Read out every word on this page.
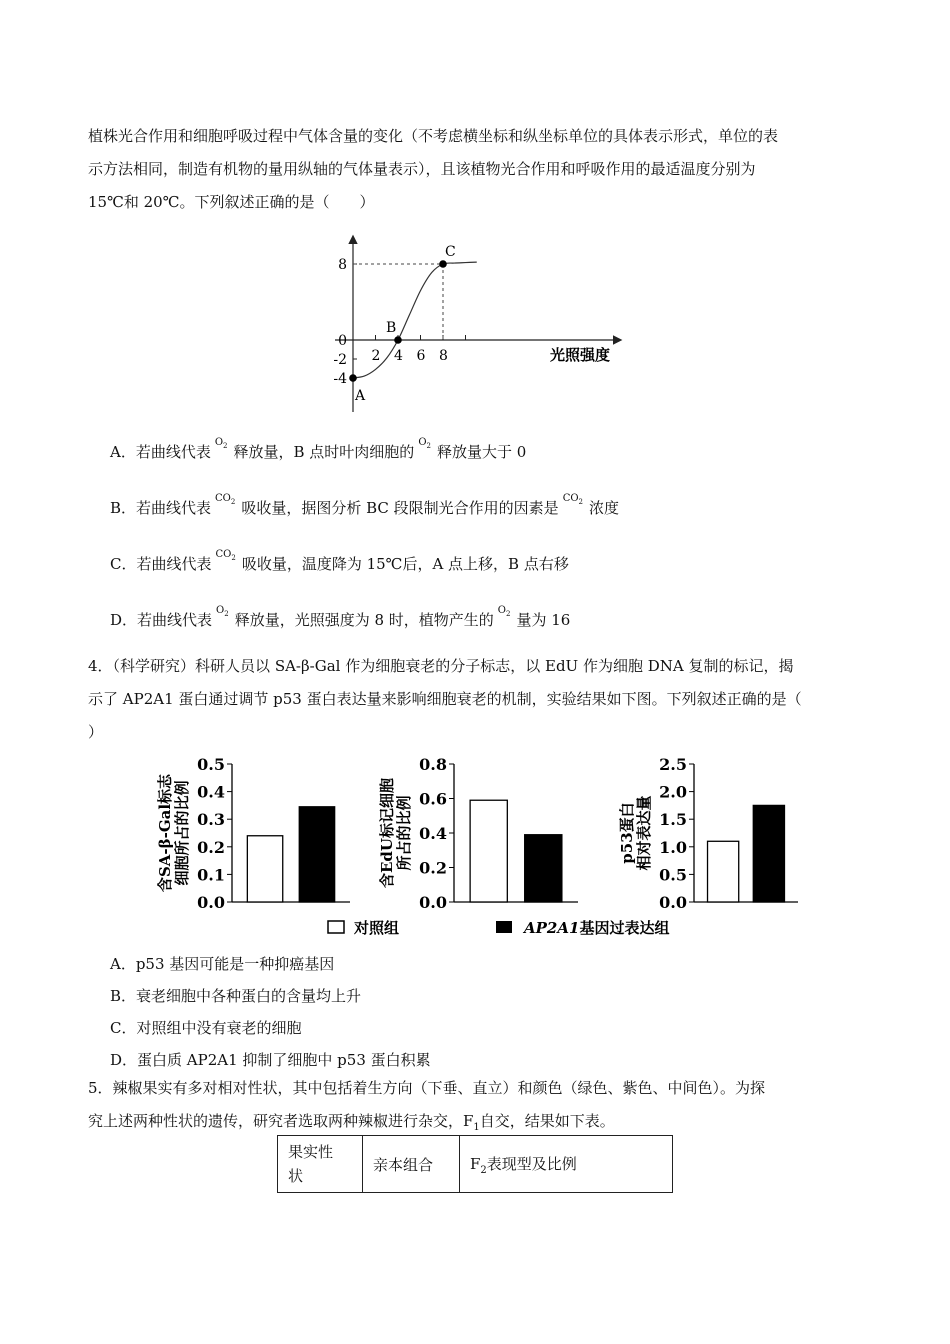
植株光合作用和细胞呼吸过程中气体含量的变化（不考虑横坐标和纵坐标单位的具体表示形式，单位的表
示方法相同，制造有机物的量用纵轴的气体量表示），且该植物光合作用和呼吸作用的最适温度分别为
15℃和 20℃。下列叙述正确的是（　　）
2 4 6 8
8
0
-2
-4
光照强度
A
B
C
A．若曲线代表$O_2$ 释放量，B 点时叶肉细胞的$O_2$ 释放量大于 0
B．若曲线代表$CO_2$ 吸收量，据图分析 BC 段限制光合作用的因素是$CO_2$ 浓度
C．若曲线代表$CO_2$ 吸收量，温度降为 15℃后，A 点上移，B 点右移
D．若曲线代表$O_2$ 释放量，光照强度为 8 时，植物产生的$O_2$ 量为 16
4．（科学研究）科研人员以 SA-β-Gal 作为细胞衰老的分子标志，以 EdU 作为细胞 DNA 复制的标记，揭
示了 AP2A1 蛋白通过调节 p53 蛋白表达量来影响细胞衰老的机制，实验结果如下图。下列叙述正确的是（
）
0.5
0.4
0.3
0.2
0.1
0.0
含SA-β-Gal标志 细胞所占的比例
0.8
0.6
0.4
0.2
0.0
含EdU标记细胞 所占的比例
2.5
2.0
1.5
1.0
0.5
0.0
p53蛋白 相对表达量
对照组	AP2A1基因过表达组
A．p53 基因可能是一种抑癌基因
B．衰老细胞中各种蛋白的含量均上升
C．对照组中没有衰老的细胞
D．蛋白质 AP2A1 抑制了细胞中 p53 蛋白积累
5．辣椒果实有多对相对性状，其中包括着生方向（下垂、直立）和颜色（绿色、紫色、中间色）。为探
究上述两种性状的遗传，研究者选取两种辣椒进行杂交，$F_1$自交，结果如下表。
果实性
状	亲本组合	$F_2$表现型及比例
